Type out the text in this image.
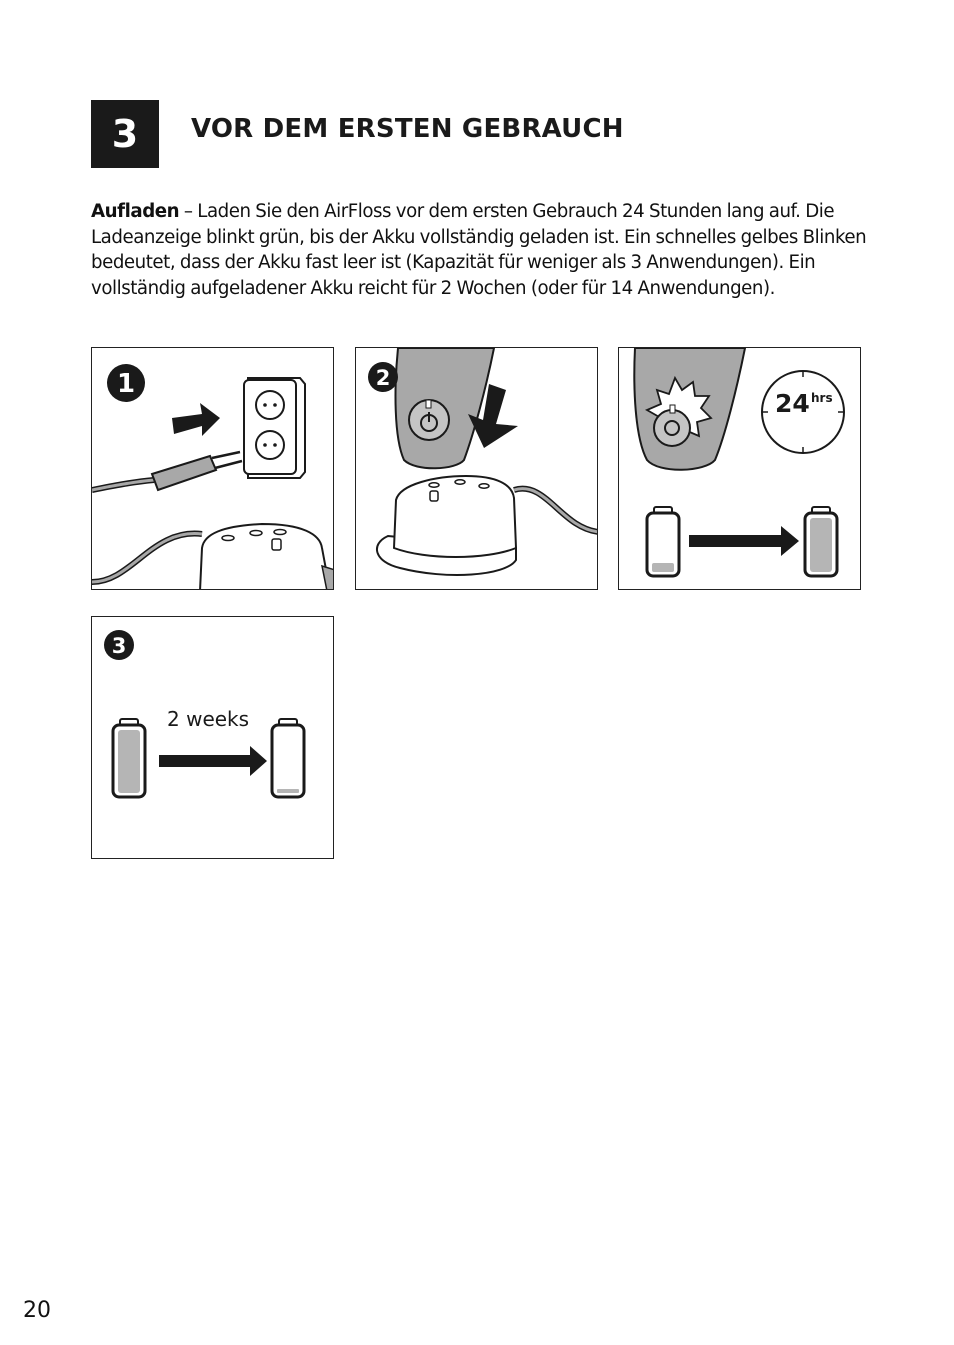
3	VOR DEM ERSTEN GEBRAUCH

Aufladen – Laden Sie den AirFloss vor dem ersten Gebrauch 24 Stunden lang auf. Die Ladeanzeige blinkt grün, bis der Akku vollständig geladen ist. Ein schnelles gelbes Blinken bedeutet, dass der Akku fast leer ist (Kapazität für weniger als 3 Anwendungen). Ein vollständig aufgeladener Akku reicht für 2 Wochen (oder für 14 Anwendungen).

1	2
24 hrs
3
2 weeks
20
